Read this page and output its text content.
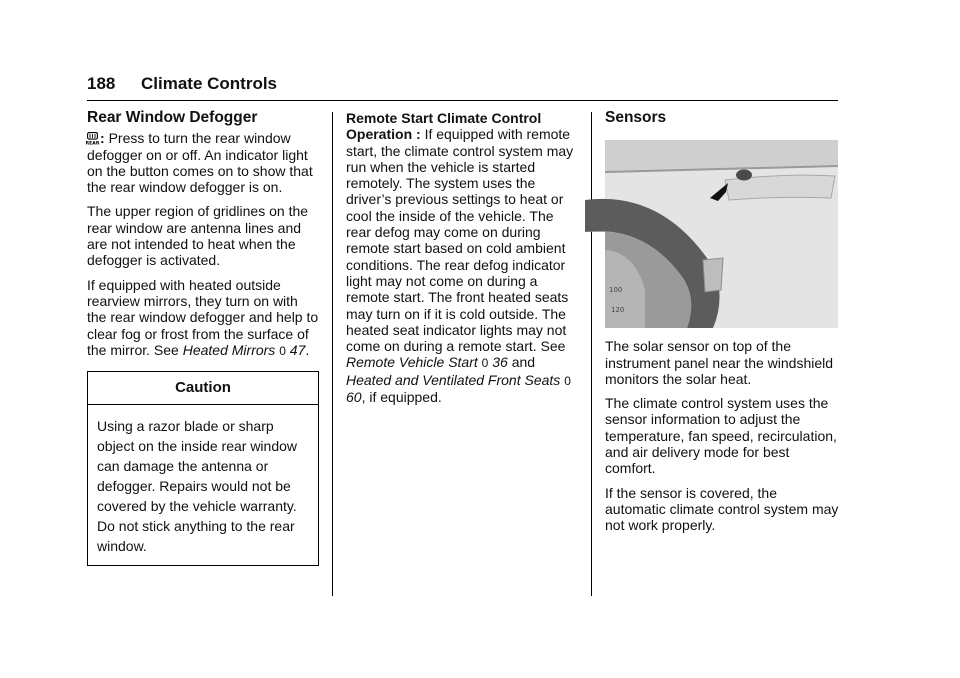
188 Climate Controls
Rear Window Defogger

REAR : Press to turn the rear window defogger on or off. An indicator light on the button comes on to show that the rear window defogger is on.

The upper region of gridlines on the rear window are antenna lines and are not intended to heat when the defogger is activated.

If equipped with heated outside rearview mirrors, they turn on with the rear window defogger and help to clear fog or frost from the surface of the mirror. See Heated Mirrors 0 47.

Caution
Using a razor blade or sharp object on the inside rear window can damage the antenna or defogger. Repairs would not be covered by the vehicle warranty. Do not stick anything to the rear window.

Remote Start Climate Control Operation : If equipped with remote start, the climate control system may run when the vehicle is started remotely. The system uses the driver’s previous settings to heat or cool the inside of the vehicle. The rear defog may come on during remote start based on cold ambient conditions. The rear defog indicator light may not come on during a remote start. The front heated seats may turn on if it is cold outside. The heated seat indicator lights may not come on during a remote start. See Remote Vehicle Start 0 36 and Heated and Ventilated Front Seats 0 60, if equipped.

Sensors
100
120

The solar sensor on top of the instrument panel near the windshield monitors the solar heat.

The climate control system uses the sensor information to adjust the temperature, fan speed, recirculation, and air delivery mode for best comfort.

If the sensor is covered, the automatic climate control system may not work properly.
